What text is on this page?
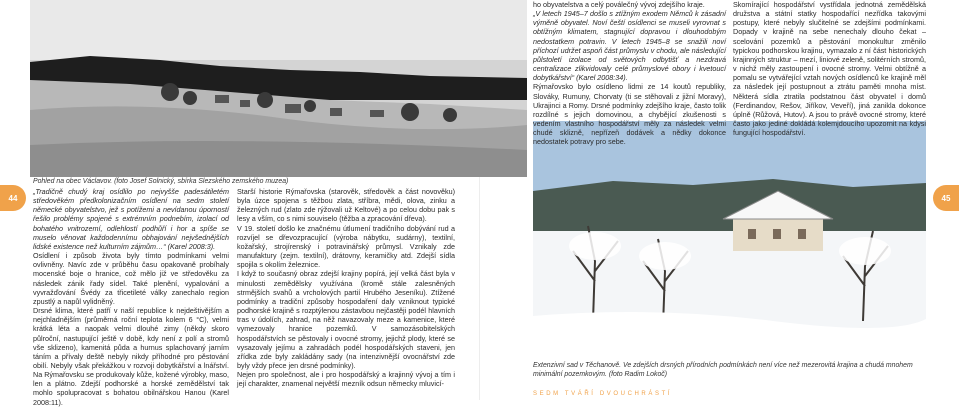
Pohled na obec Václavov. (foto Josef Solnický, sbírka Slezského zemského muzea)
Extenzivní sad v Těchanově. Ve zdejších drsných přírodních podmínkách není více než mezerovitá krajina a chudá mnohem minimální pozemkovým. (foto Radim Lokoč)

ho obyvatelstva a celý poválečný vývoj zdejšího kraje.

„V letech 1945–7 došlo s ztížným exodem Němců k zásadní výměně obyvatel. Noví čeští osídlenci se museli vyrovnat s obtížným klimatem, stagnující dopravou i dlouhodobým nedostatkem potravin. V letech 1945–8 se snažili noví příchozí udržet aspoň část průmyslu v chodu, ale následující půlstoletí izolace od světových odbytišť a nezdravá centralizace zlikvidovaly celé průmyslové obory i kvetoucí dobytkářství“ (Karel 2008:34).

Rýmařovsko bylo osídleno lidmi ze 14 koutů republiky, Slováky, Rumuny, Chorvaty (ti se stěhovali z jižní Moravy), Ukrajinci a Romy. Drsné podmínky zdejšího kraje, často tolik rozdílné s jejich domovinou, a chybějící zkušenosti s vedením vlastního hospodářství měly za následek velmi chudé sklizně, nepřízeň dodávek a nědky dokonce nedostatek potravy pro sebe.

Skomírající hospodářství vystřídala jednotná zemědělská družstva a státní statky hospodařící nezřídka takovými postupy, které nebyly slučitelné se zdejšími podmínkami. Dopady v krajině na sebe nenechaly dlouho čekat – scelování pozemků a pěstování monokultur změnilo typickou podhorskou krajinu, vymazalo z ní část historických krajinných struktur – mezí, liniové zeleně, solitérních stromů, v nichž měly zastoupení i ovocné stromy. Velmi obtížně a pomalu se vytvářející vztah nových osídlenců ke krajině měl za následek její postupnout a ztrátu paměti mnoha míst. Některá sídla ztratila podstatnou část obyvatel i domů (Ferdinandov, Rešov, Jiříkov, Veveří), jiná zanikla dokonce úplně (Růžová, Hutov). A jsou to právě ovocné stromy, které často jako jediné dokládá kolemjdoucího upozornit na kdysi fungující hospodářství.

„Tradičně chudý kraj osídlilo po nejvyšše padesátiletém středověkém předkolonizačním osídlení na sedm století německé obyvatelstvo, jež s potížemi a nevídanou úporností řešilo problémy spojené s extrémním podnebím, izolací od bohatého vnitrozemí, odlehlostí podhůří i hor a spíše se muselo věnovat každodennímu obhajování nejvšednějších lidské existence než kulturním zájmům…“ (Karel 2008:3).

Osídlení i způsob života byly tímto podmínkami velmi ovlivněny. Navíc zde v průběhu času opakovaně probíhaly mocenské boje o hranice, což mělo již ve středověku za následek zánik řady sídel. Také plenění, vypalování a vyvražďování Švédy za třicetileté války zanechalo region zpustlý a napůl vylidněný.

Drsné klima, které patří v naší republice k nejdeštivějším a nejchladnějším (průměrná roční teplota kolem 6 °C), velmi krátká léta a naopak velmi dlouhé zimy (někdy skoro půlroční, nastupující ještě v době, kdy není z polí a stromů vše sklizeno), kamenitá půda a hurnus splachovaný jarním táním a přívaly deště nebyly nikdy příhodné pro pěstování obilí. Nebyly však překážkou v rozvoji dobytkářství a lnářství. Na Rýmařovsku se produkovaly kůže, kožené výrobky, maso, len a plátno. Zdejší podhorské a horské zemědělství tak mohlo spolupracovat s bohatou obilnářskou Hanou (Karel 2008:11).

Starší historie Rýmařovska (starověk, středověk a část novověku) byla úzce spojena s těžbou zlata, stříbra, mědi, olova, zinku a železných rud (zlato zde rýžovali už Keltové) a po celou dobu pak s lesy a vším, co s nimi souviselo (těžba a zpracování dřeva).

V 19. století došlo ke značnému útlumení tradičního dobývání rud a rozvíjel se dřevozpracující (výroba nábytku, sudárny), textilní, kožařský, strojírenský i potravinářský průmysl. Vznikaly zde manufaktury (zejm. textilní), drátovny, keramičky atd. Zdejší sídla spojila s okolím železnice.

I když to současný obraz zdejší krajiny popírá, její velká část byla v minulosti zemědělsky využívána (kromě stále zalesněných strmějších svahů a vrcholových partií Hrubého Jeseníku). Ztížené podmínky a tradiční způsoby hospodaření daly vzniknout typické podhorské krajině s rozptýlenou zástavbou nejčastěji podél hlavních tras v údolích, zahrad, na něž navazovaly meze a kamenice, které vymezovaly hranice pozemků. V samozásobitelských hospodářstvích se pěstovaly i ovocné stromy, jejichž plody, které se vysazovaly jejímu a zahradách podél hospodářských staveni, jen zřídka zde byly zakládány sady (na intenzivnější ovocnářství zde byly vždy přece jen drsné podmínky).

Nejen pro společnost, ale i pro hospodářský a krajinný vývoj a tím i její charakter, znamenal největší mezník odsun německy mluvicí-

44	45
SEDM TVÁŘÍ DVOUCHRÁSTÍ
